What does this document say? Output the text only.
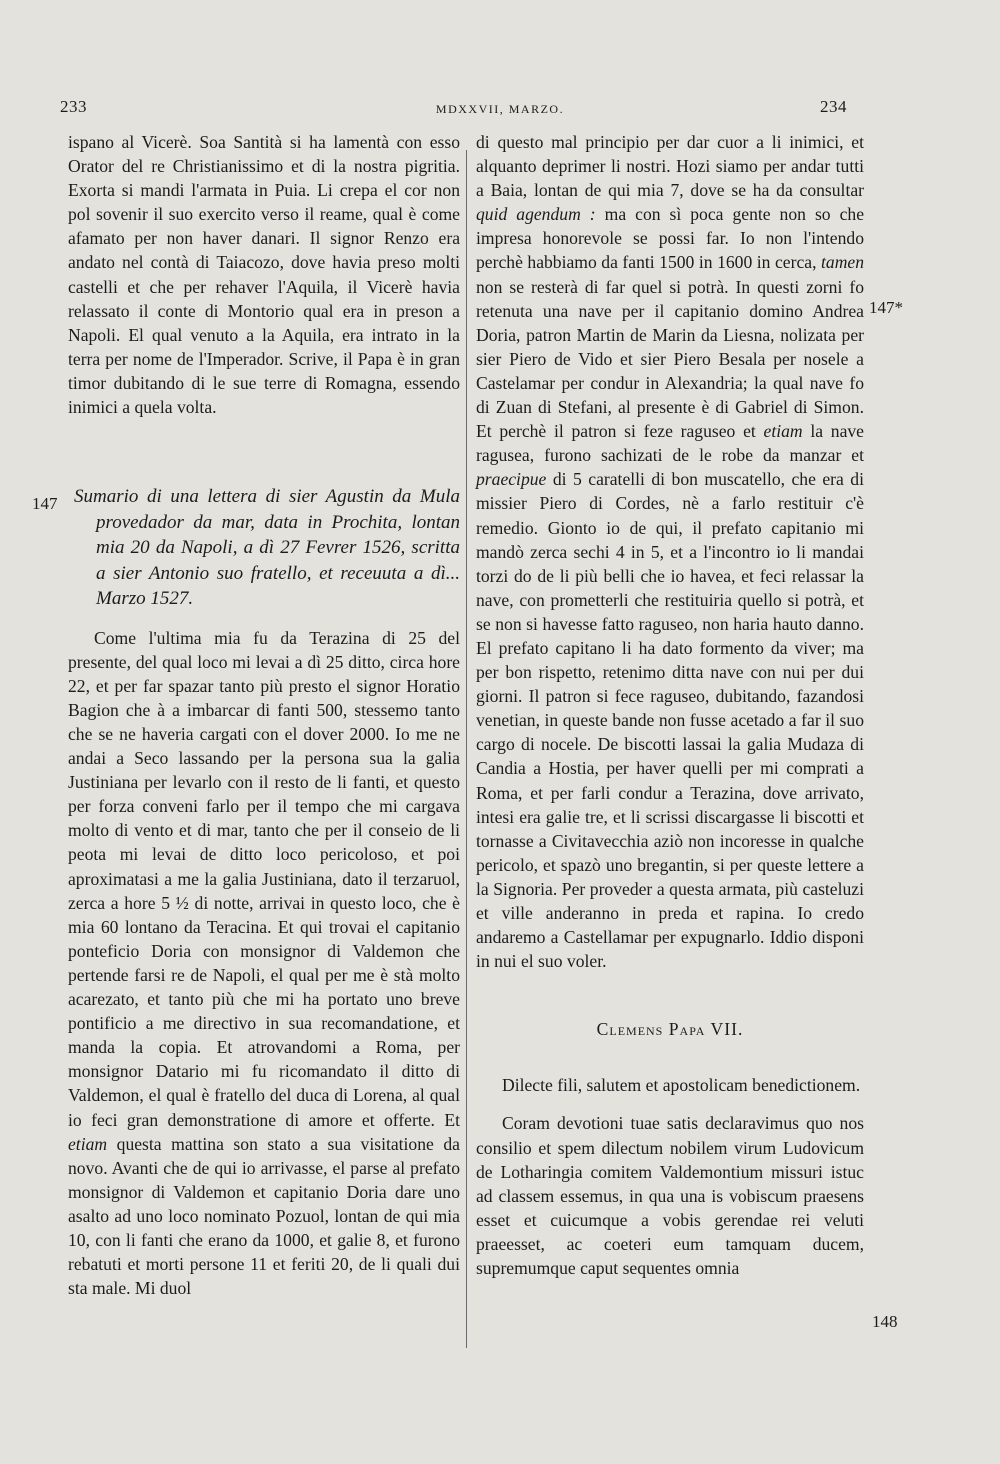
233	MDXXVII, MARZO.	234
147
147*
148

ispano al Vicerè. Soa Santità si ha lamentà con esso Orator del re Christianissimo et di la nostra pigritia. Exorta si mandi l'armata in Puia. Li crepa el cor non pol sovenir il suo exercito verso il reame, qual è come afamato per non haver danari. Il signor Renzo era andato nel contà di Taiacozo, dove havia preso molti castelli et che per rehaver l'Aquila, il Vicerè havia relassato il conte di Montorio qual era in preson a Napoli. El qual venuto a la Aquila, era intrato in la terra per nome de l'Imperador. Scrive, il Papa è in gran timor dubitando di le sue terre di Romagna, essendo inimici a quela volta.

Sumario di una lettera di sier Agustin da Mula provedador da mar, data in Prochita, lontan mia 20 da Napoli, a dì 27 Fevrer 1526, scritta a sier Antonio suo fratello, et receuuta a dì... Marzo 1527.

Come l'ultima mia fu da Terazina di 25 del presente, del qual loco mi levai a dì 25 ditto, circa hore 22, et per far spazar tanto più presto el signor Horatio Bagion che à a imbarcar di fanti 500, stessemo tanto che se ne haveria cargati con el dover 2000. Io me ne andai a Seco lassando per la persona sua la galia Justiniana per levarlo con il resto de li fanti, et questo per forza conveni farlo per il tempo che mi cargava molto di vento et di mar, tanto che per il conseio de li peota mi levai de ditto loco pericoloso, et poi aproximatasi a me la galia Justiniana, dato il terzaruol, zerca a hore 5 ½ di notte, arrivai in questo loco, che è mia 60 lontano da Teracina. Et qui trovai el capitanio ponteficio Doria con monsignor di Valdemon che pertende farsi re de Napoli, el qual per me è stà molto acarezato, et tanto più che mi ha portato uno breve pontificio a me directivo in sua recomandatione, et manda la copia. Et atrovandomi a Roma, per monsignor Datario mi fu ricomandato il ditto di Valdemon, el qual è fratello del duca di Lorena, al qual io feci gran demonstratione di amore et offerte. Et etiam questa mattina son stato a sua visitatione da novo. Avanti che de qui io arrivasse, el parse al prefato monsignor di Valdemon et capitanio Doria dare uno asalto ad uno loco nominato Pozuol, lontan de qui mia 10, con li fanti che erano da 1000, et galie 8, et furono rebatuti et morti persone 11 et feriti 20, de li quali dui sta male. Mi duol

di questo mal principio per dar cuor a li inimici, et alquanto deprimer li nostri. Hozi siamo per andar tutti a Baia, lontan de qui mia 7, dove se ha da consultar quid agendum : ma con sì poca gente non so che impresa honorevole se possi far. Io non l'intendo perchè habbiamo da fanti 1500 in 1600 in cerca, tamen non se resterà di far quel si potrà. In questi zorni fo retenuta una nave per il capitanio domino Andrea Doria, patron Martin de Marin da Liesna, nolizata per sier Piero de Vido et sier Piero Besala per nosele a Castelamar per condur in Alexandria; la qual nave fo di Zuan di Stefani, al presente è di Gabriel di Simon. Et perchè il patron si feze raguseo et etiam la nave ragusea, furono sachizati de le robe da manzar et praecipue di 5 caratelli di bon muscatello, che era di missier Piero di Cordes, nè a farlo restituir c'è remedio. Gionto io de qui, il prefato capitanio mi mandò zerca sechi 4 in 5, et a l'incontro io li mandai torzi do de li più belli che io havea, et feci relassar la nave, con prometterli che restituiria quello si potrà, et se non si havesse fatto raguseo, non haria hauto danno. El prefato capitano li ha dato formento da viver; ma per bon rispetto, retenimo ditta nave con nui per dui giorni. Il patron si fece raguseo, dubitando, fazandosi venetian, in queste bande non fusse acetado a far il suo cargo di nocele. De biscotti lassai la galia Mudaza di Candia a Hostia, per haver quelli per mi comprati a Roma, et per farli condur a Terazina, dove arrivato, intesi era galie tre, et li scrissi discargasse li biscotti et tornasse a Civitavecchia aziò non incoresse in qualche pericolo, et spazò uno bregantin, si per queste lettere a la Signoria. Per proveder a questa armata, più casteluzi et ville anderanno in preda et rapina. Io credo andaremo a Castellamar per expugnarlo. Iddio disponi in nui el suo voler.

Clemens Papa VII.

Dilecte fili, salutem et apostolicam benedictionem.

Coram devotioni tuae satis declaravimus quo nos consilio et spem dilectum nobilem virum Ludovicum de Lotharingia comitem Valdemontium missuri istuc ad classem essemus, in qua una is vobiscum praesens esset et cuicumque a vobis gerendae rei veluti praeesset, ac coeteri eum tamquam ducem, supremumque caput sequentes omnia
